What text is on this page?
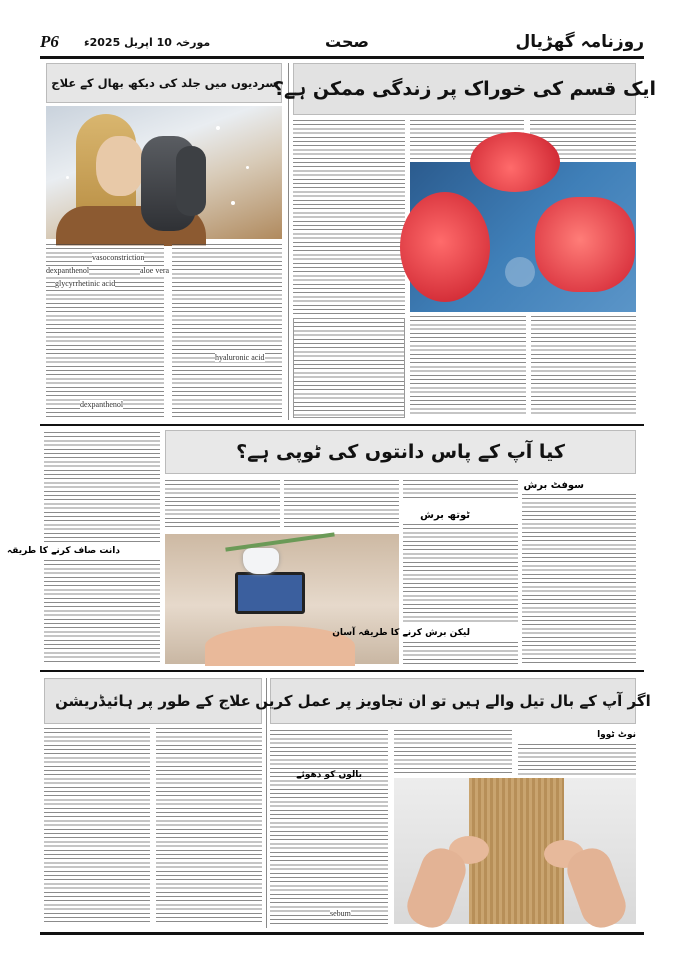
P6 مورخہ 10 اپریل 2025ء	صحت	روزنامہ گھڑیال
سردیوں میں جلد کی دیکھ بھال کے علاج
vasoconstriction
dexpanthenol	aloe vera
glycyrrhetinic acid
hyaluronic acid
dexpanthenol
ایک قسم کی خوراک پر زندگی ممکن ہے؟
کیا آپ کے پاس دانتوں کی ٹوپی ہے؟
دانت صاف کرنے کا طریقہ
سوفٹ برش
ٹوتھ برش
لیکن برش کرنے کا طریقہ آسان
علاج کے طور پر ہائیڈریشن اگر آپ کے بال تیل والے ہیں تو ان تجاویز پر عمل کریں
نوٹ ٹووا
بالوں کو دھوئے
sebum
